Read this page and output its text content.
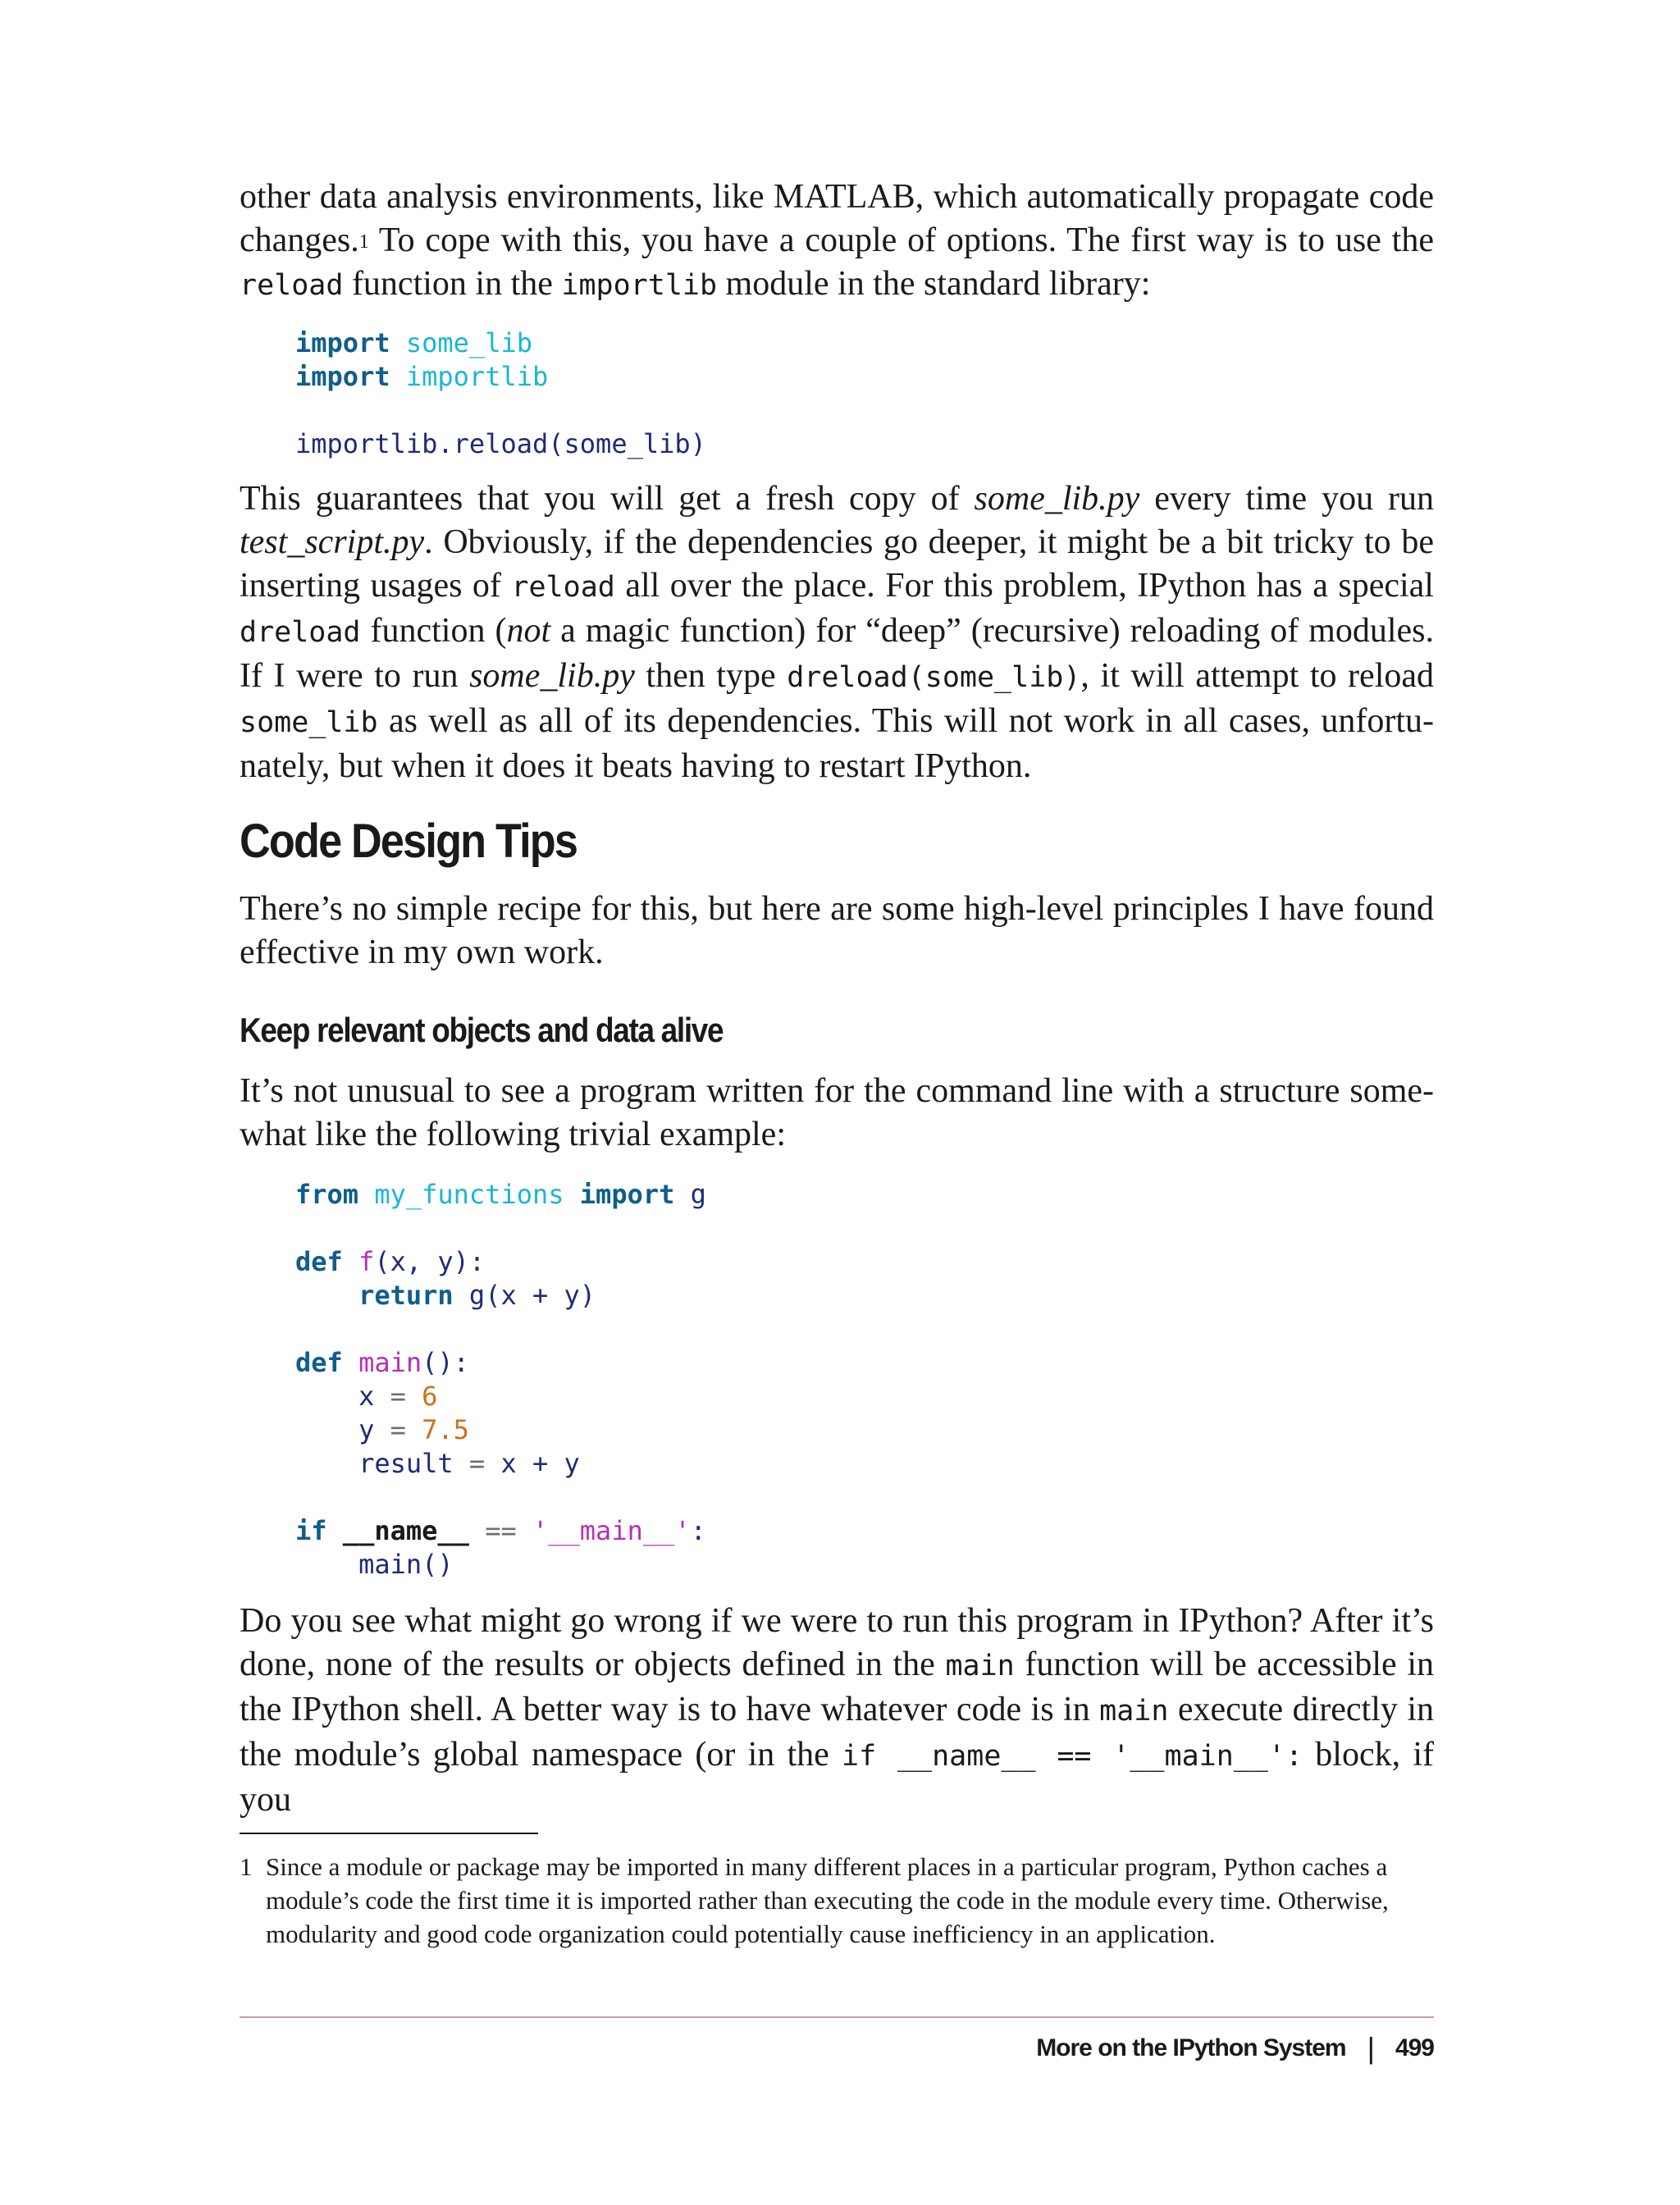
other data analysis environments, like MATLAB, which automatically propagate code changes.$^1$ To cope with this, you have a couple of options. The first way is to use the reload function in the importlib module in the standard library:

import some_lib
import importlib

importlib.reload(some_lib)

This guarantees that you will get a fresh copy of some_lib.py every time you run test_script.py. Obviously, if the dependencies go deeper, it might be a bit tricky to be inserting usages of reload all over the place. For this problem, IPython has a special dreload function (not a magic function) for “deep” (recursive) reloading of modules. If I were to run some_lib.py then type dreload(some_lib), it will attempt to reload some_lib as well as all of its dependencies. This will not work in all cases, unfortunately, but when it does it beats having to restart IPython.

Code Design Tips

There’s no simple recipe for this, but here are some high-level principles I have found effective in my own work.

Keep relevant objects and data alive

It’s not unusual to see a program written for the command line with a structure somewhat like the following trivial example:

from my_functions import g

def f(x, y):
return g(x + y)

def main():
x = 6
y = 7.5
result = x + y

if __name__ == '__main__':
main()

Do you see what might go wrong if we were to run this program in IPython? After it’s done, none of the results or objects defined in the main function will be accessible in the IPython shell. A better way is to have whatever code is in main execute directly in the module’s global namespace (or in the if __name__ == '__main__': block, if you

1 Since a module or package may be imported in many different places in a particular program, Python caches a module’s code the first time it is imported rather than executing the code in the module every time. Otherwise, modularity and good code organization could potentially cause inefficiency in an application.

More on the IPython System | 499
